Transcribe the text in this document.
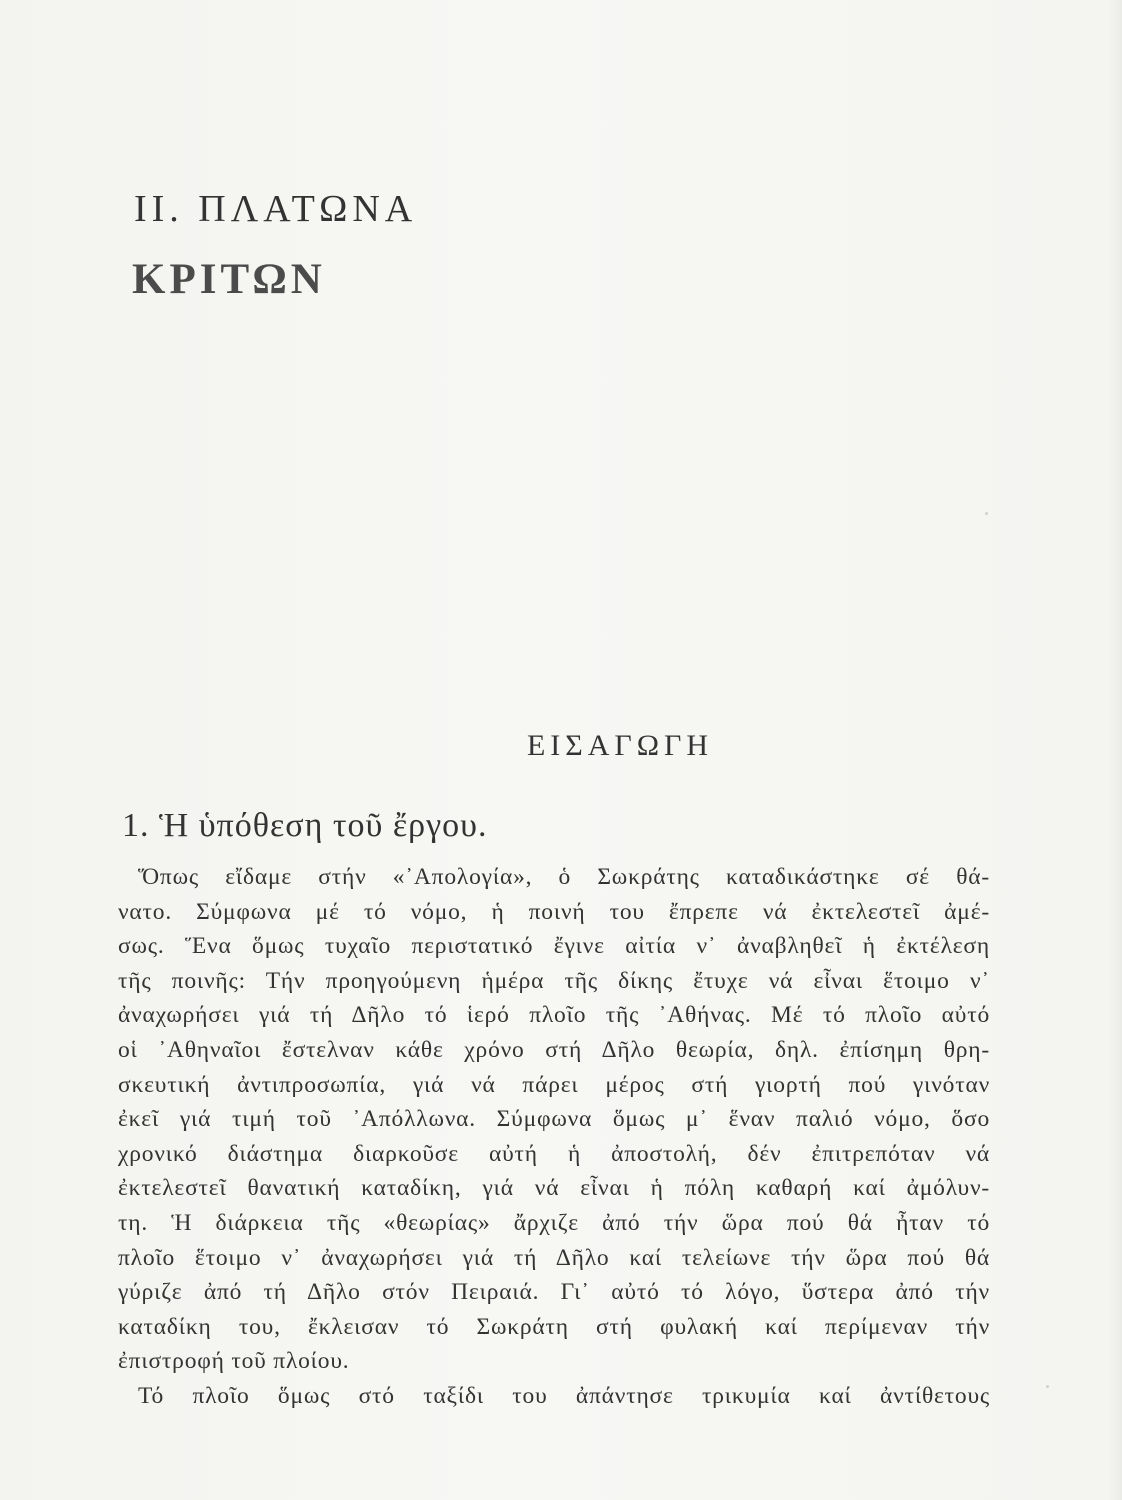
II. ΠΛΑΤΩΝΑ
ΚΡΙΤΩΝ
ΕΙΣΑΓΩΓΗ
1. Ἡ ὑπόθεση τοῦ ἔργου.
Ὅπως εἴδαμε στήν «᾿Απολογία», ὁ Σωκράτης καταδικάστηκε σέ θά-
νατο. Σύμφωνα μέ τό νόμο, ἡ ποινή του ἔπρεπε νά ἐκτελεστεῖ ἀμέ-
σως. Ἕνα ὅμως τυχαῖο περιστατικό ἔγινε αἰτία ν᾿ ἀναβληθεῖ ἡ ἐκτέλεση
τῆς ποινῆς: Τήν προηγούμενη ἡμέρα τῆς δίκης ἔτυχε νά εἶναι ἕτοιμο ν᾿
ἀναχωρήσει γιά τή Δῆλο τό ἱερό πλοῖο τῆς ᾿Αθήνας. Μέ τό πλοῖο αὐτό
οἱ ᾿Αθηναῖοι ἔστελναν κάθε χρόνο στή Δῆλο θεωρία, δηλ. ἐπίσημη θρη-
σκευτική ἀντιπροσωπία, γιά νά πάρει μέρος στή γιορτή πού γινόταν
ἐκεῖ γιά τιμή τοῦ ᾿Απόλλωνα. Σύμφωνα ὅμως μ᾿ ἕναν παλιό νόμο, ὅσο
χρονικό διάστημα διαρκοῦσε αὐτή ἡ ἀποστολή, δέν ἐπιτρεπόταν νά
ἐκτελεστεῖ θανατική καταδίκη, γιά νά εἶναι ἡ πόλη καθαρή καί ἀμόλυν-
τη. Ἡ διάρκεια τῆς «θεωρίας» ἄρχιζε ἀπό τήν ὥρα πού θά ἦταν τό
πλοῖο ἕτοιμο ν᾿ ἀναχωρήσει γιά τή Δῆλο καί τελείωνε τήν ὥρα πού θά
γύριζε ἀπό τή Δῆλο στόν Πειραιά. Γι᾿ αὐτό τό λόγο, ὕστερα ἀπό τήν
καταδίκη του, ἔκλεισαν τό Σωκράτη στή φυλακή καί περίμεναν τήν
ἐπιστροφή τοῦ πλοίου.
Τό πλοῖο ὅμως στό ταξίδι του ἀπάντησε τρικυμία καί ἀντίθετους
